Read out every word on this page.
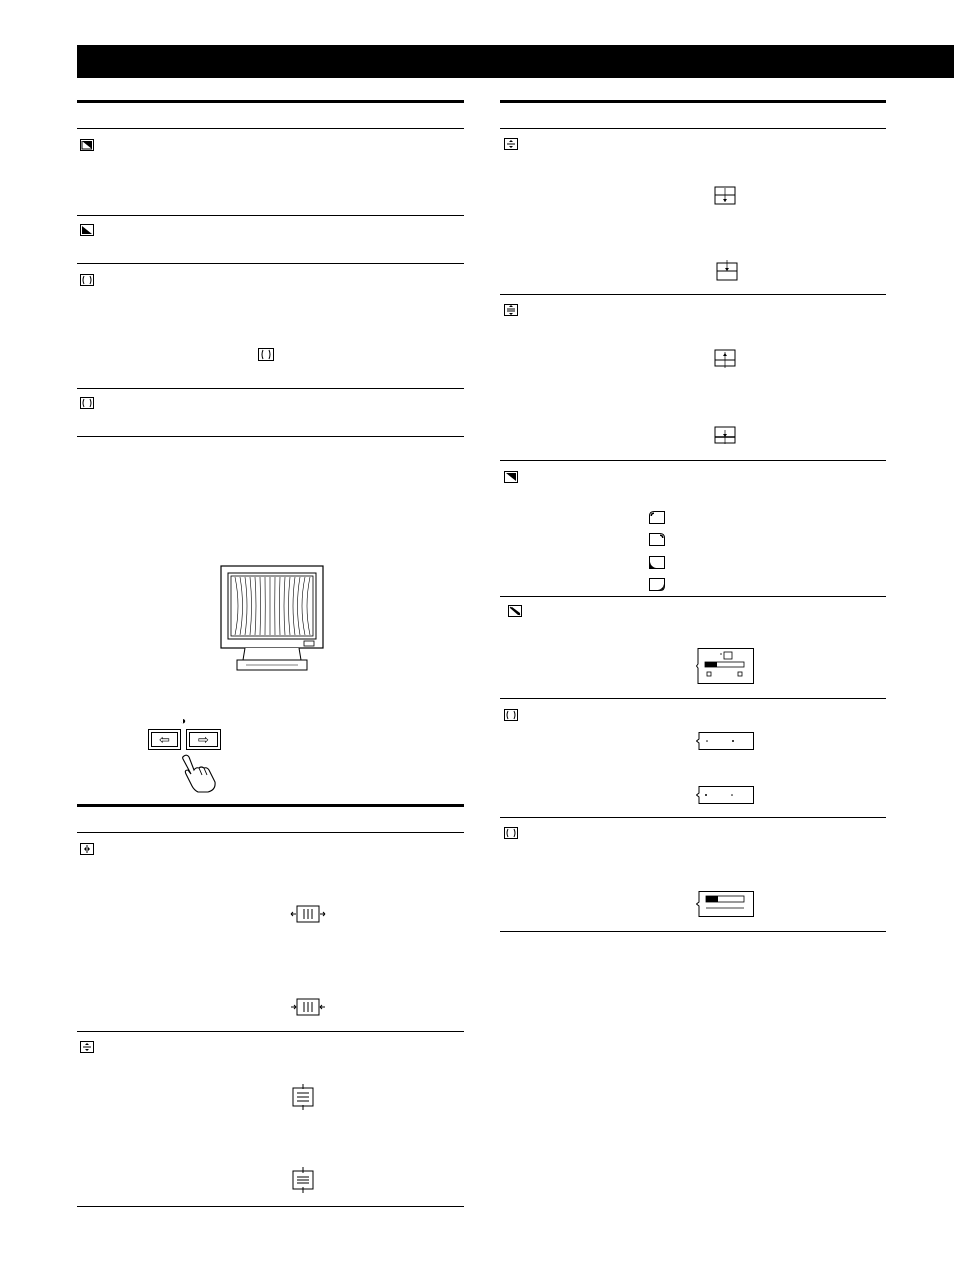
◑
⇦	⇨
